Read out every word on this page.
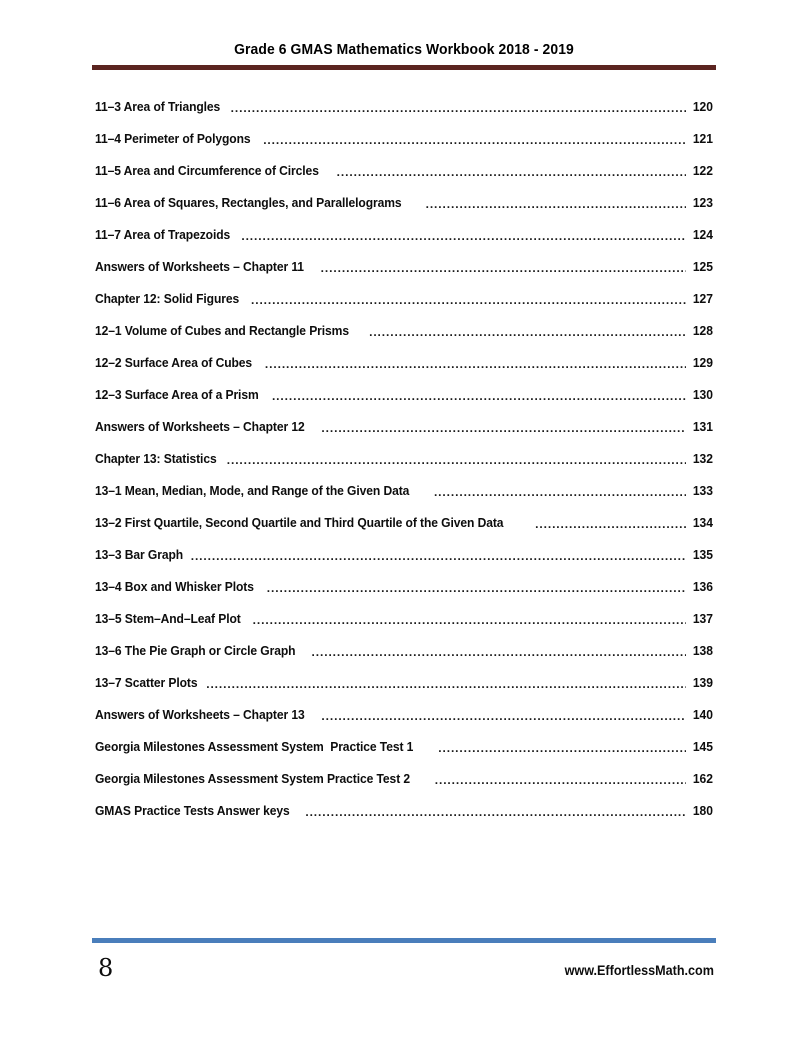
Grade 6 GMAS Mathematics Workbook 2018 - 2019
11–3 Area of Triangles .....	120
11–4 Perimeter of Polygons .....	121
11–5 Area and Circumference of Circles .....	122
11–6 Area of Squares, Rectangles, and Parallelograms .....	123
11–7 Area of Trapezoids .....	124
Answers of Worksheets – Chapter 11 .....	125
Chapter 12: Solid Figures .....	127
12–1 Volume of Cubes and Rectangle Prisms .....	128
12–2 Surface Area of Cubes .....	129
12–3 Surface Area of a Prism .....	130
Answers of Worksheets – Chapter 12 .....	131
Chapter 13: Statistics .....	132
13–1 Mean, Median, Mode, and Range of the Given Data .....	133
13–2 First Quartile, Second Quartile and Third Quartile of the Given Data .....	134
13–3 Bar Graph .....	135
13–4 Box and Whisker Plots .....	136
13–5 Stem–And–Leaf Plot .....	137
13–6 The Pie Graph or Circle Graph .....	138
13–7 Scatter Plots .....	139
Answers of Worksheets – Chapter 13 .....	140
Georgia Milestones Assessment System  Practice Test 1 .....	145
Georgia Milestones Assessment System Practice Test 2 .....	162
GMAS Practice Tests Answer keys .....	180
8	www.EffortlessMath.com
